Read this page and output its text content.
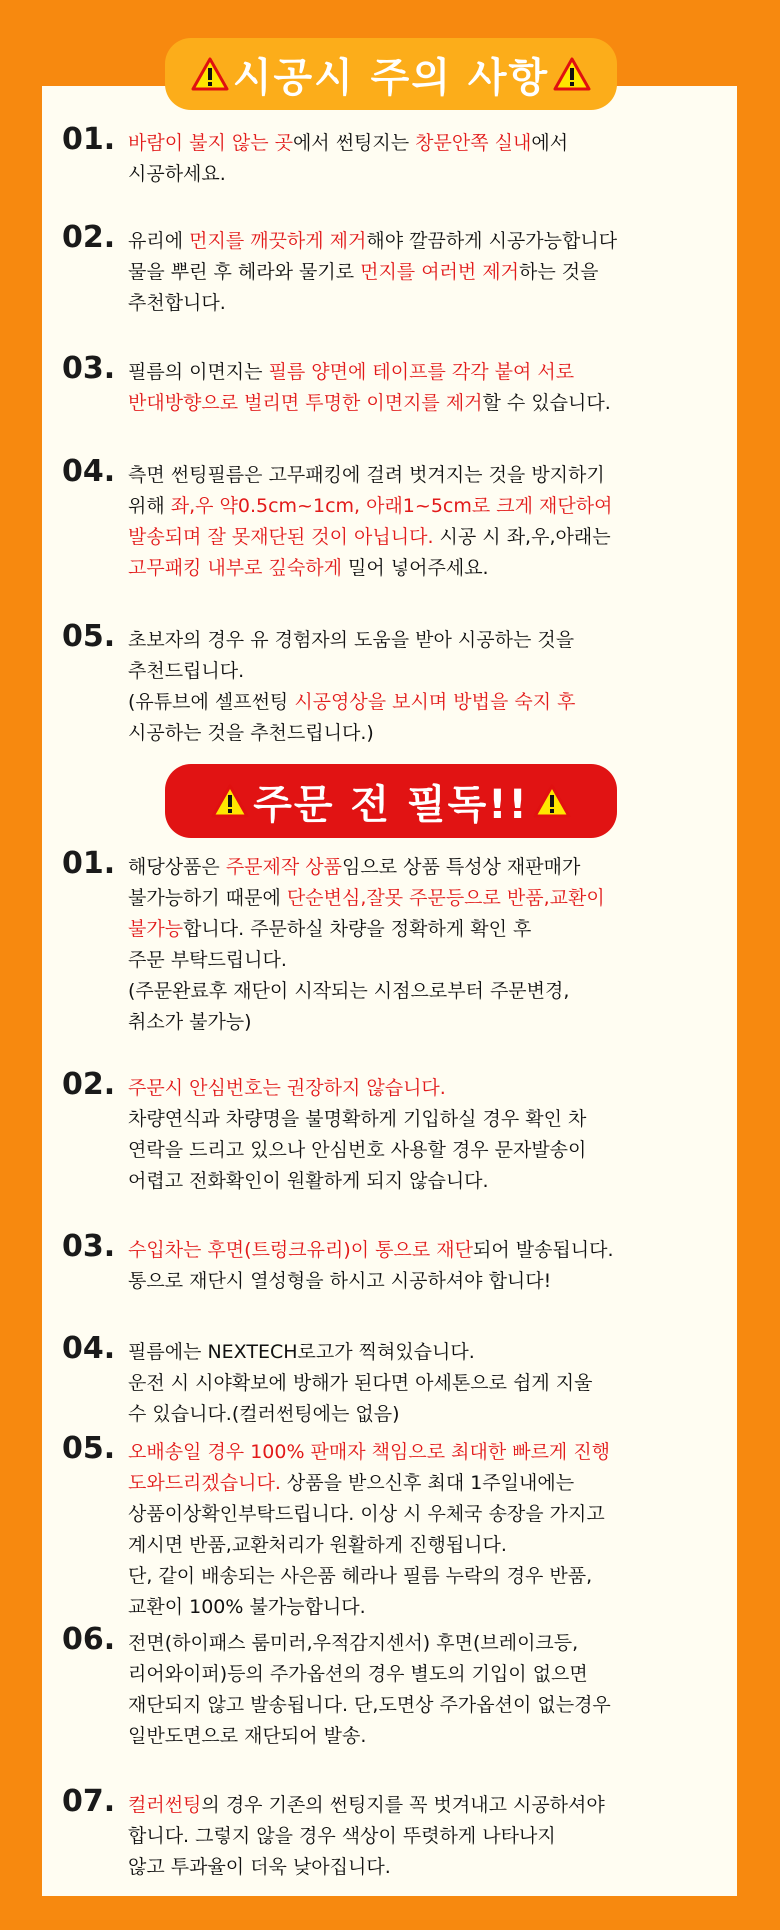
시공시 주의 사항
주문 전 필독!!
01. 바람이 불지 않는 곳에서 썬팅지는 창문안쪽 실내에서
시공하세요.
02. 유리에 먼지를 깨끗하게 제거해야 깔끔하게 시공가능합니다
물을 뿌린 후 헤라와 물기로 먼지를 여러번 제거하는 것을
추천합니다.
03. 필름의 이면지는 필름 양면에 테이프를 각각 붙여 서로
반대방향으로 벌리면 투명한 이면지를 제거할 수 있습니다.
04. 측면 썬팅필름은 고무패킹에 걸려 벗겨지는 것을 방지하기
위해 좌,우 약0.5cm~1cm, 아래1~5cm로 크게 재단하여
발송되며 잘 못재단된 것이 아닙니다. 시공 시 좌,우,아래는
고무패킹 내부로 깊숙하게 밀어 넣어주세요.
05. 초보자의 경우 유 경험자의 도움을 받아 시공하는 것을
추천드립니다.
(유튜브에 셀프썬팅 시공영상을 보시며 방법을 숙지 후
시공하는 것을 추천드립니다.)
01. 해당상품은 주문제작 상품임으로 상품 특성상 재판매가
불가능하기 때문에 단순변심,잘못 주문등으로 반품,교환이
불가능합니다. 주문하실 차량을 정확하게 확인 후
주문 부탁드립니다.
(주문완료후 재단이 시작되는 시점으로부터 주문변경,
취소가 불가능)
02. 주문시 안심번호는 권장하지 않습니다.
차량연식과 차량명을 불명확하게 기입하실 경우 확인 차
연락을 드리고 있으나 안심번호 사용할 경우 문자발송이
어렵고 전화확인이 원활하게 되지 않습니다.
03. 수입차는 후면(트렁크유리)이 통으로 재단되어 발송됩니다.
통으로 재단시 열성형을 하시고 시공하셔야 합니다!
04. 필름에는 NEXTECH로고가 찍혀있습니다.
운전 시 시야확보에 방해가 된다면 아세톤으로 쉽게 지울
수 있습니다.(컬러썬팅에는 없음)
05. 오배송일 경우 100% 판매자 책임으로 최대한 빠르게 진행
도와드리겠습니다. 상품을 받으신후 최대 1주일내에는
상품이상확인부탁드립니다. 이상 시 우체국 송장을 가지고
계시면 반품,교환처리가 원활하게 진행됩니다.
단, 같이 배송되는 사은품 헤라나 필름 누락의 경우 반품,
교환이 100% 불가능합니다.
06. 전면(하이패스 룸미러,우적감지센서) 후면(브레이크등,
리어와이퍼)등의 주가옵션의 경우 별도의 기입이 없으면
재단되지 않고 발송됩니다. 단,도면상 주가옵션이 없는경우
일반도면으로 재단되어 발송.
07. 컬러썬팅의 경우 기존의 썬팅지를 꼭 벗겨내고 시공하셔야
합니다. 그렇지 않을 경우 색상이 뚜렷하게 나타나지
않고 투과율이 더욱 낮아집니다.
